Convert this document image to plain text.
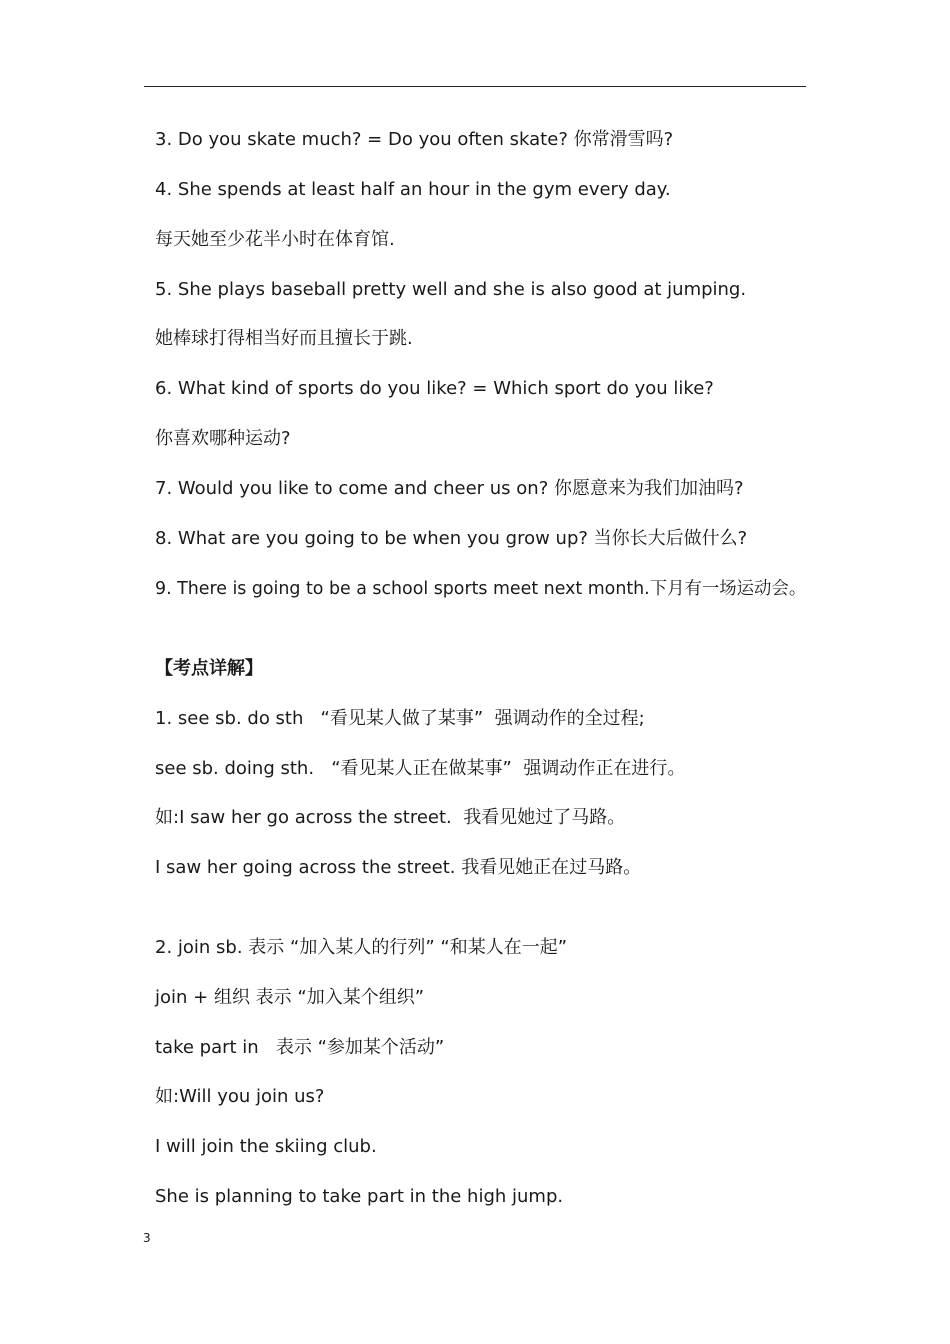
3. Do you skate much? = Do you often skate? 你常滑雪吗?
4. She spends at least half an hour in the gym every day.
每天她至少花半小时在体育馆.
5. She plays baseball pretty well and she is also good at jumping.
她棒球打得相当好而且擅长于跳.
6. What kind of sports do you like? = Which sport do you like?
你喜欢哪种运动?
7. Would you like to come and cheer us on? 你愿意来为我们加油吗?
8. What are you going to be when you grow up? 当你长大后做什么?
9. There is going to be a school sports meet next month.下月有一场运动会。
【考点详解】
1. see sb. do sth   “看见某人做了某事”  强调动作的全过程;
see sb. doing sth.   “看见某人正在做某事”  强调动作正在进行。
如:I saw her go across the street.  我看见她过了马路。
I saw her going across the street. 我看见她正在过马路。
2. join sb. 表示 “加入某人的行列” “和某人在一起”
join + 组织 表示 “加入某个组织”
take part in   表示 “参加某个活动”
如:Will you join us?
I will join the skiing club.
She is planning to take part in the high jump.
3
